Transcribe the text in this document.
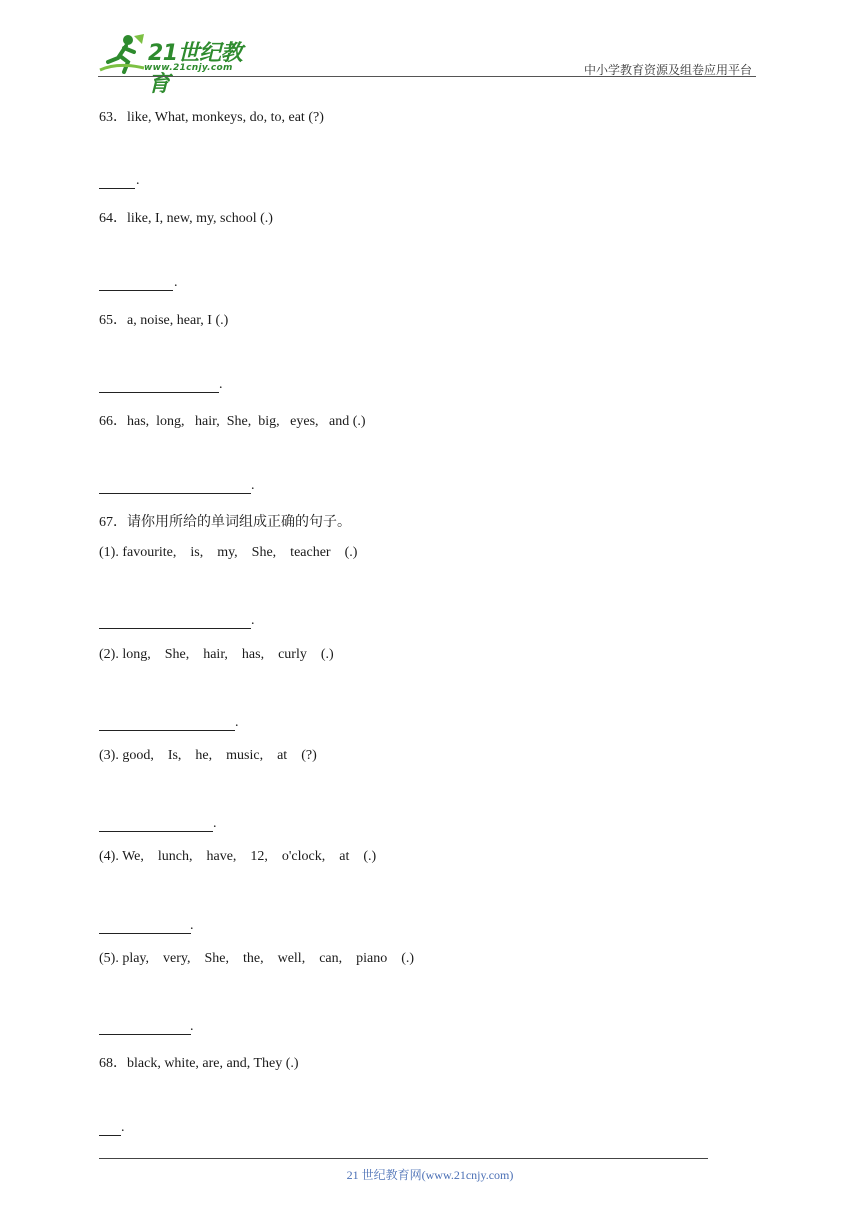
21世纪教育
www.21cnjy.com	中小学教育资源及组卷应用平台
63．like, What, monkeys, do, to, eat (?)
.
64．like, I, new, my, school (.)
.
65．a, noise, hear, I (.)
.
66．has,  long,   hair,  She,  big,   eyes,   and (.)
.
67．请你用所给的单词组成正确的句子。
(1). favourite,    is,    my,    She,    teacher    (.)
.
(2). long,    She,    hair,    has,    curly    (.)
.
(3). good,    Is,    he,    music,    at    (?)
.
(4). We,    lunch,    have,    12,    o'clock,    at    (.)
.
(5). play,    very,    She,    the,    well,    can,    piano    (.)
.
68．black, white, are, and, They (.)
.
21 世纪教育网(www.21cnjy.com)
